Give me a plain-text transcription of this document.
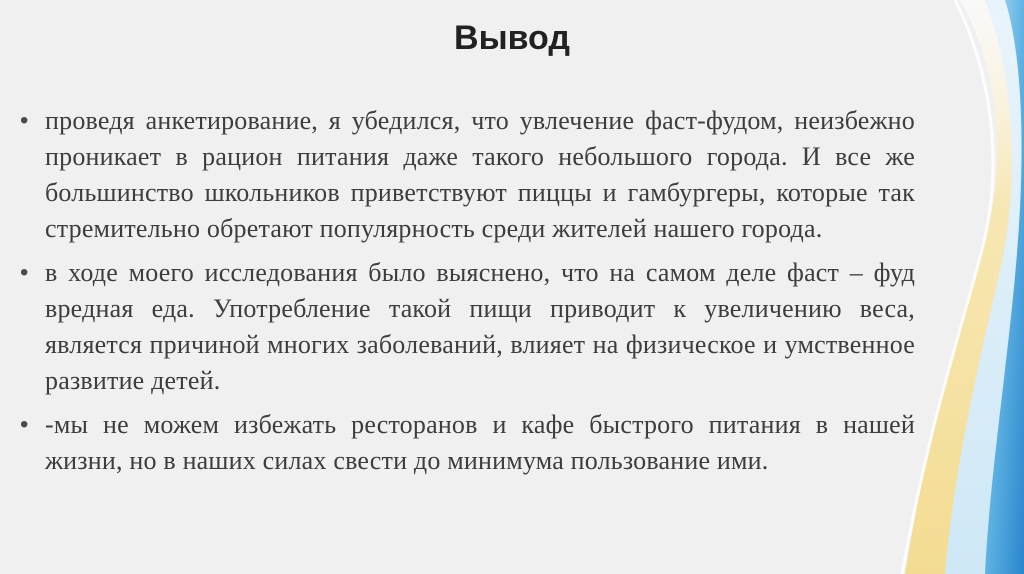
Вывод
• проведя анкетирование, я убедился, что увлечение фаст-фудом, неизбежно проникает в рацион питания даже такого небольшого города. И все же большинство школьников приветствуют пиццы и гамбургеры, которые так стремительно обретают популярность среди жителей нашего города.
• в ходе моего исследования было выяснено, что на самом деле фаст – фуд вредная еда. Употребление такой пищи приводит к увеличению веса, является причиной многих заболеваний, влияет на физическое и умственное развитие детей.
• -мы не можем избежать ресторанов и кафе быстрого питания в нашей жизни, но в наших силах свести до минимума пользование ими.
